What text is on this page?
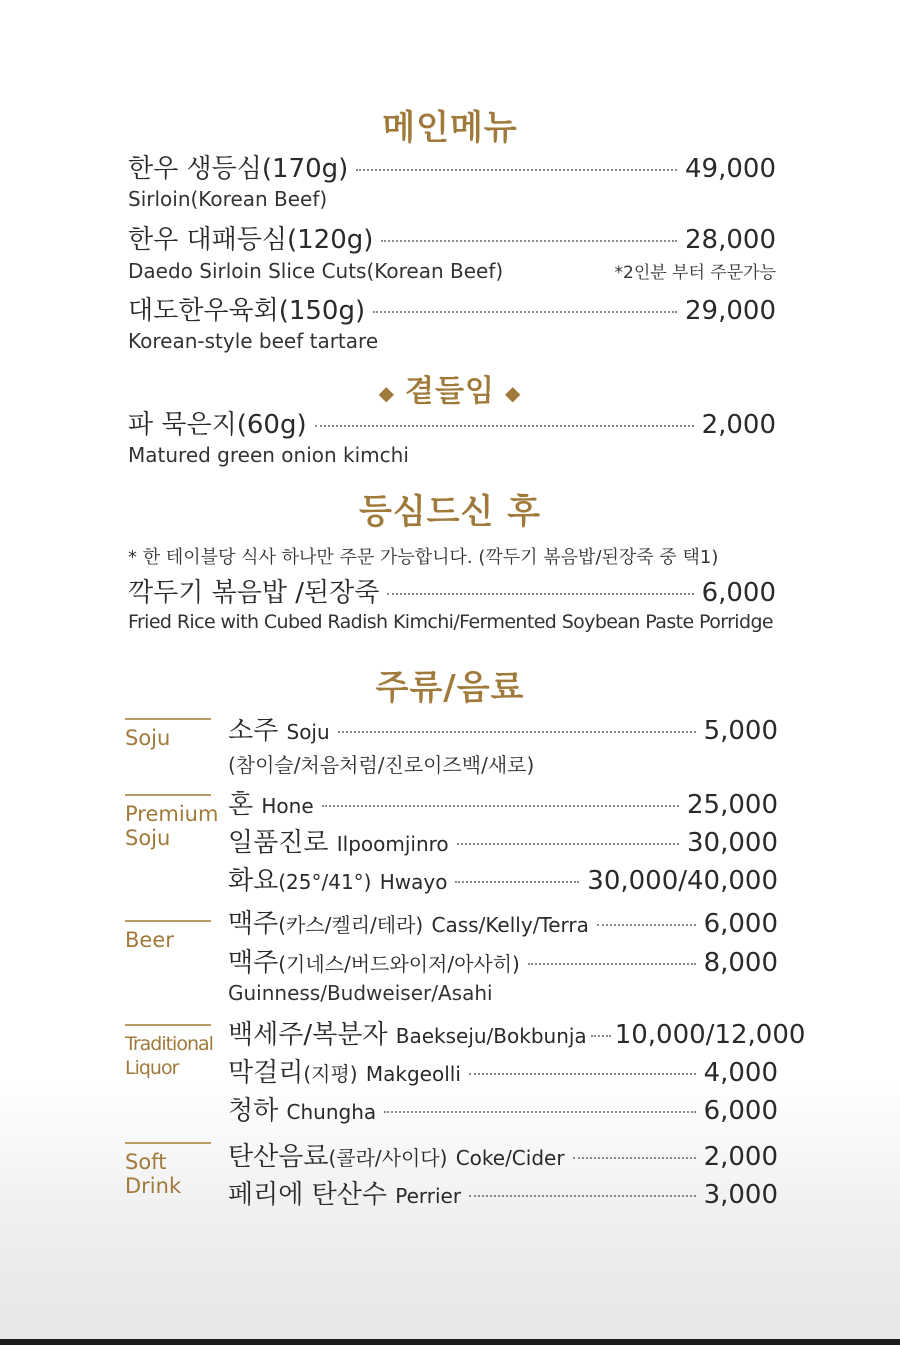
메인메뉴
한우 생등심(170g)	49,000
Sirloin(Korean Beef)
한우 대패등심(120g)	28,000
Daedo Sirloin Slice Cuts(Korean Beef)	*2인분 부터 주문가능
대도한우육회(150g)	29,000
Korean-style beef tartare
◆ 곁들임 ◆
파 묵은지(60g)	2,000
Matured green onion kimchi
등심드신 후
* 한 테이블당 식사 하나만 주문 가능합니다. (깍두기 볶음밥/된장죽 중 택1)
깍두기 볶음밥 /된장죽	6,000
Fried Rice with Cubed Radish Kimchi/Fermented Soybean Paste Porridge
주류/음료
Soju	소주 Soju	5,000
(참이슬/처음처럼/진로이즈백/새로)
Premium
Soju
혼 Hone	25,000
일품진로 Ilpoomjinro	30,000
화요(25°/41°) Hwayo	30,000/40,000
Beer
맥주(카스/켈리/테라) Cass/Kelly/Terra	6,000
맥주(기네스/버드와이저/아사히)	8,000
Guinness/Budweiser/Asahi
Traditional
Liquor
백세주/복분자 Baekseju/Bokbunja 10,000/12,000
막걸리(지평) Makgeolli	4,000
청하 Chungha	6,000
Soft
Drink
탄산음료(콜라/사이다) Coke/Cider	2,000
페리에 탄산수 Perrier	3,000
